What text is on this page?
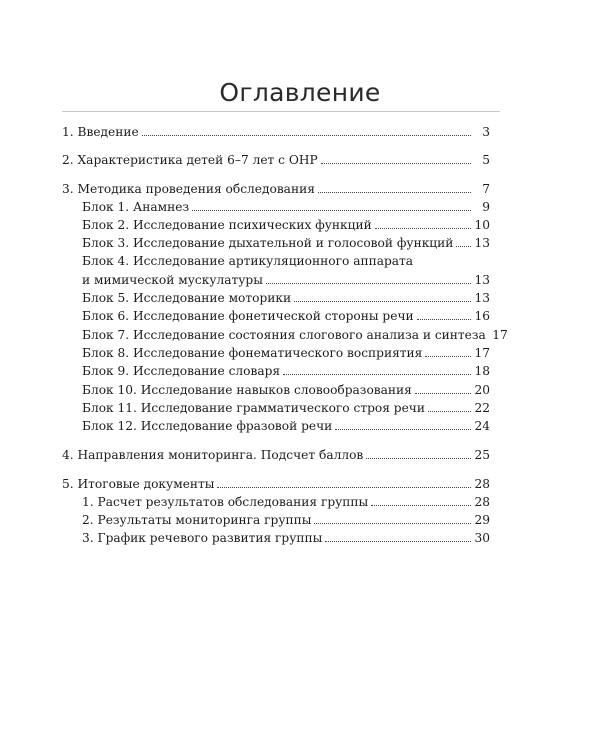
Оглавление
1. Введение	3
2. Характеристика детей 6–7 лет с ОНР	5
3. Методика проведения обследования	7
Блок 1. Анамнез	9
Блок 2. Исследование психических функций	10
Блок 3. Исследование дыхательной и голосовой функций 13
Блок 4. Исследование артикуляционного аппарата
и мимической мускулатуры	13
Блок 5. Исследование моторики	13
Блок 6. Исследование фонетической стороны речи	16
Блок 7. Исследование состояния слогового анализа и синтеза 17
Блок 8. Исследование фонематического восприятия	17
Блок 9. Исследование словаря	18
Блок 10. Исследование навыков словообразования	20
Блок 11. Исследование грамматического строя речи	22
Блок 12. Исследование фразовой речи	24
4. Направления мониторинга. Подсчет баллов	25
5. Итоговые документы	28
1. Расчет результатов обследования группы	28
2. Результаты мониторинга группы	29
3. График речевого развития группы	30
